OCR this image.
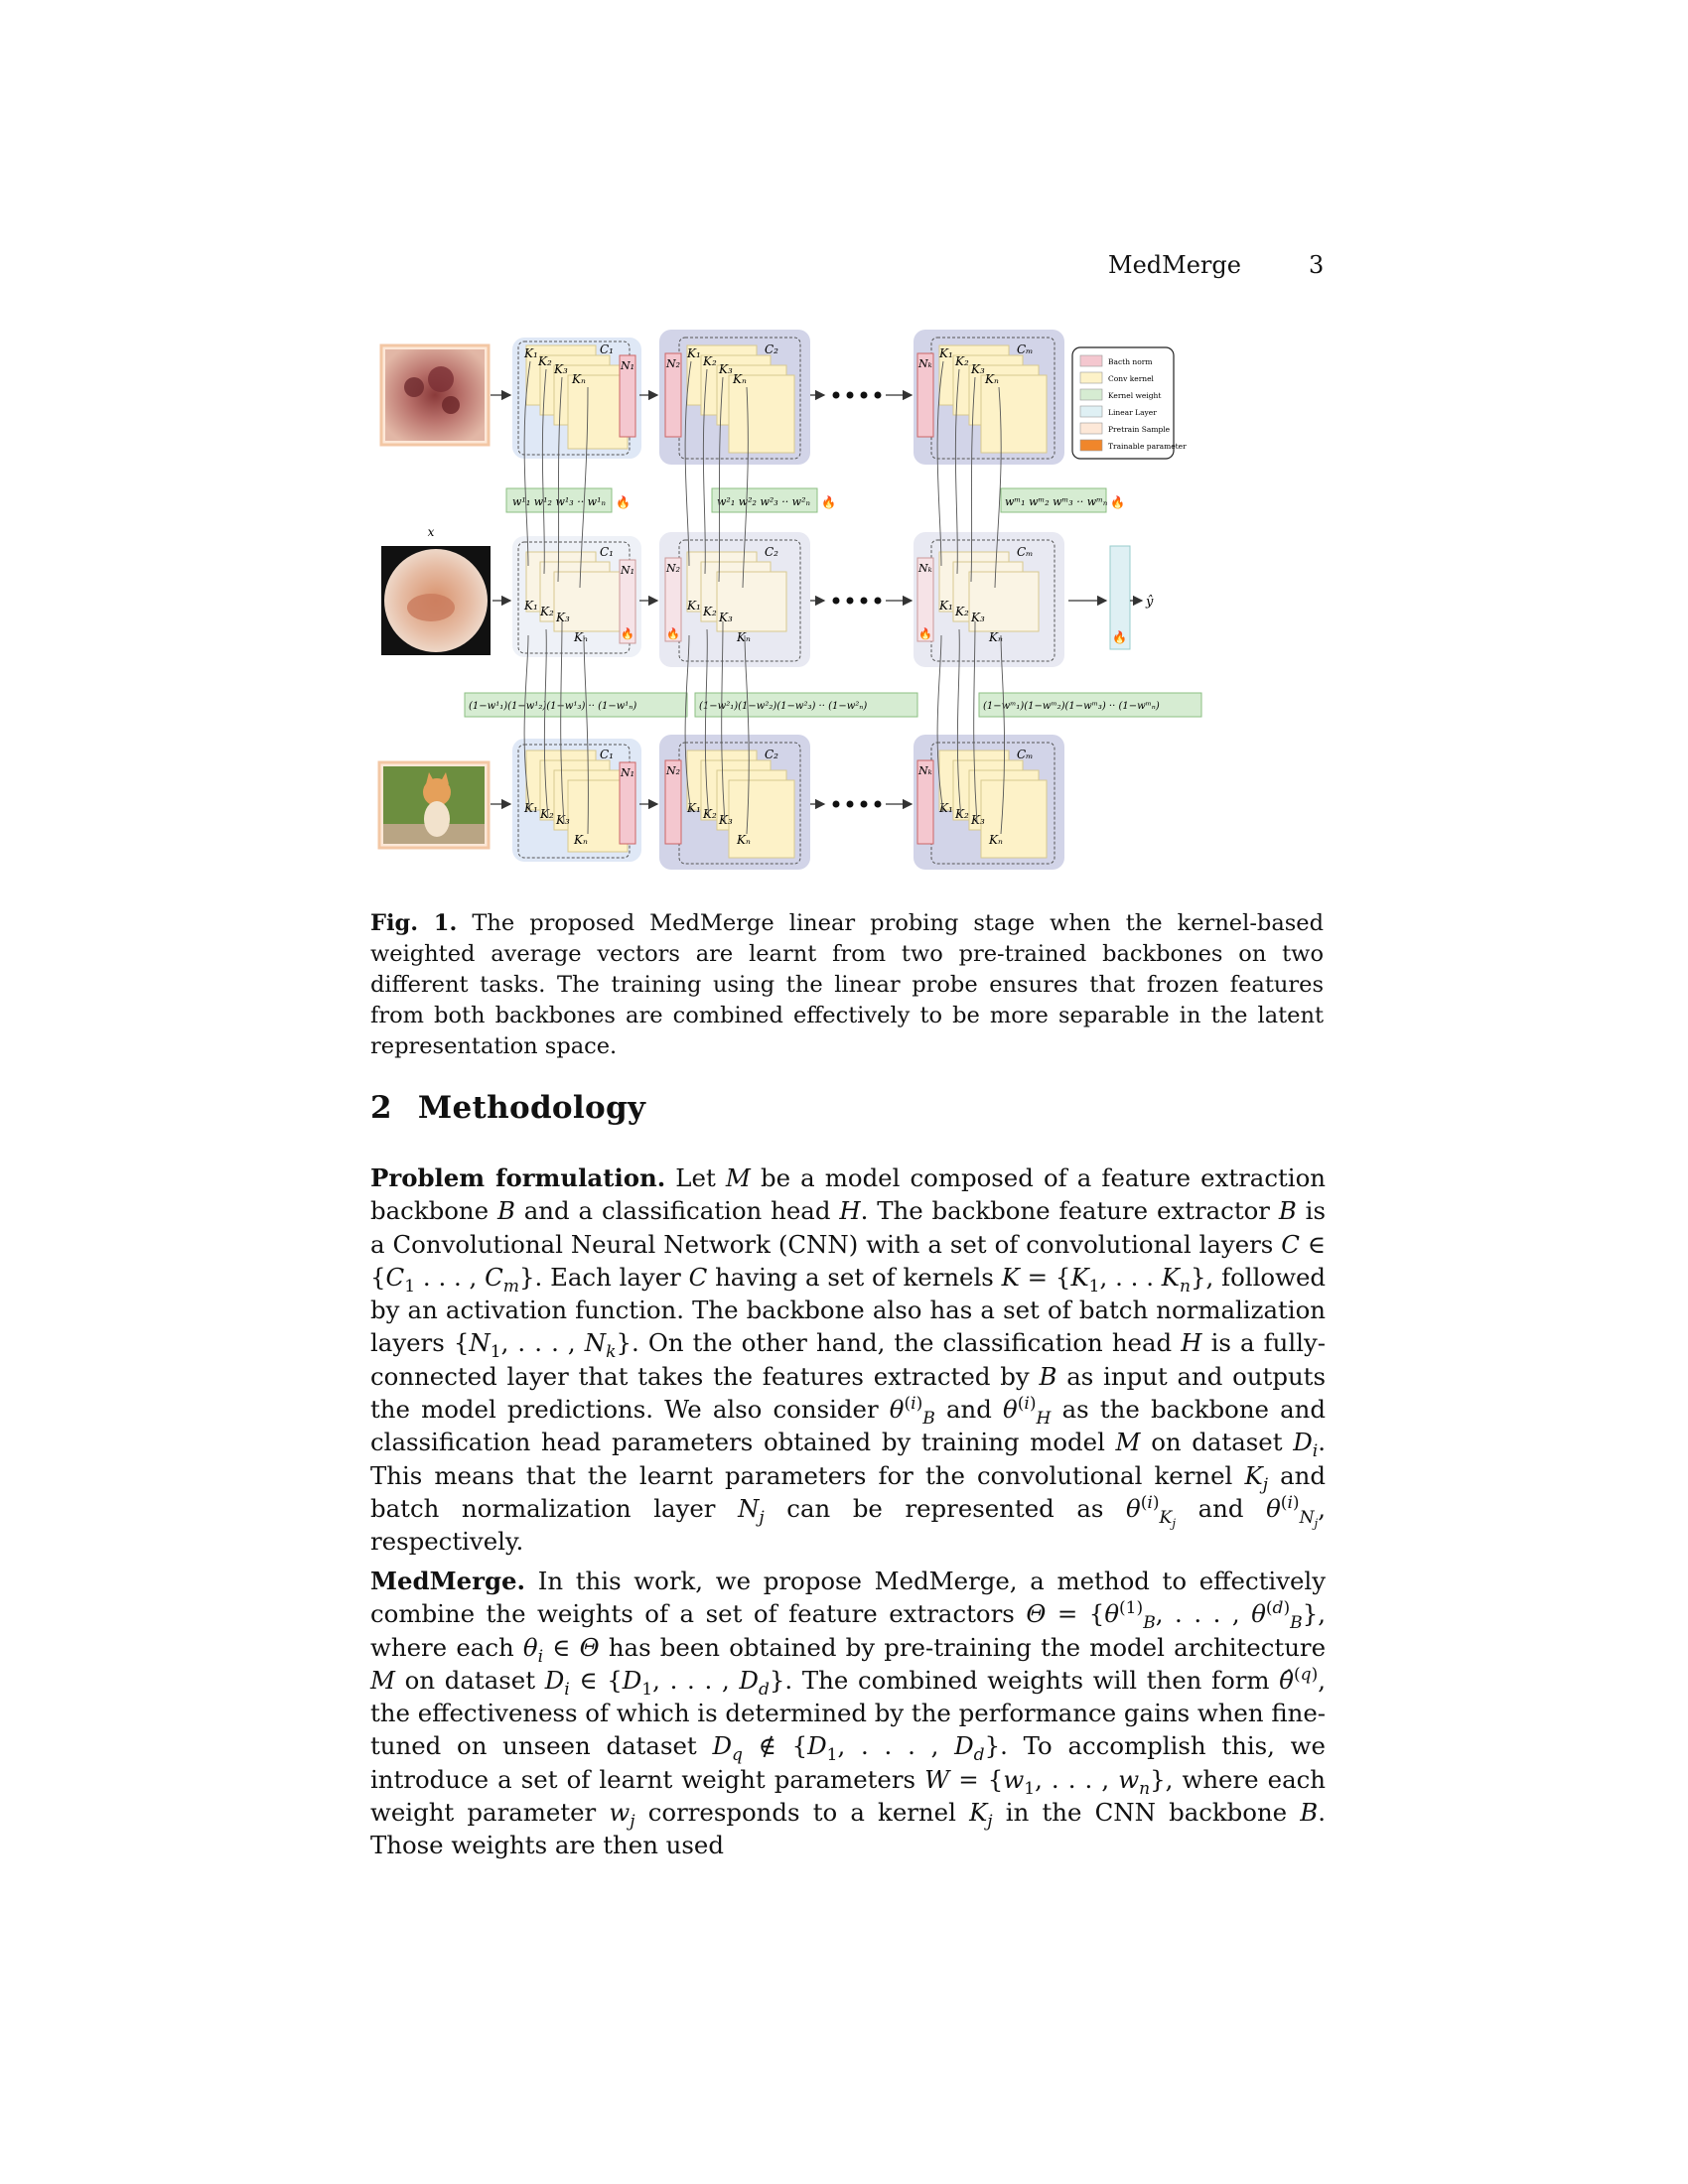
MedMerge	3
x
K₁
K₂
K₃
Kₙ
C₁
N₁	N₂
K₁
K₂
K₃
Kₙ
C₂
Nₖ
K₁
K₂
K₃
Kₙ
Cₘ
Bacth norm
Conv kernel
Kernel weight
Linear Layer
Pretrain Sample
Trainable parameter
w¹₁ w¹₂ w¹₃ ·· w¹ₙ 🔥	w²₁ w²₂ w²₃ ·· w²ₙ 🔥	wᵐ₁ wᵐ₂ wᵐ₃ ·· wᵐₙ 🔥
C₁
K₁ K₂ K₃
Kₙ
N₁
🔥
N₂
🔥
C₂
K₁ K₂ K₃
Kₙ
Nₖ
🔥
Cₘ
K₁ K₂ K₃
Kₙ	🔥
ŷ
(1−w¹₁)(1−w¹₂)(1−w¹₃) ·· (1−w¹ₙ)	(1−w²₁)(1−w²₂)(1−w²₃) ·· (1−w²ₙ)	(1−wᵐ₁)(1−wᵐ₂)(1−wᵐ₃) ·· (1−wᵐₙ)
C₁
K₁ K₂ K₃
Kₙ
N₁	N₂
C₂
K₁ K₂ K₃
Kₙ
Nₖ
Cₘ
K₁ K₂ K₃
Kₙ
Fig. 1. The proposed MedMerge linear probing stage when the kernel-based weighted average vectors are learnt from two pre-trained backbones on two different tasks. The training using the linear probe ensures that frozen features from both backbones are combined effectively to be more separable in the latent representation space.
2 Methodology
Problem formulation. Let M be a model composed of a feature extraction backbone B and a classification head H. The backbone feature extractor B is a Convolutional Neural Network (CNN) with a set of convolutional layers C ∈ {$C_1$ . . . , $C_m$}. Each layer C having a set of kernels $K = \{K_1$, . . . $K_n$}, followed by an activation function. The backbone also has a set of batch normalization layers {$N_1$, . . . , $N_k$}. On the other hand, the classification head H is a fully-connected layer that takes the features extracted by B as input and outputs the model predictions. We also consider $\theta^{(i)}_B$ and $\theta^{(i)}_H$ as the backbone and classification head parameters obtained by training model M on dataset $D_i$. This means that the learnt parameters for the convolutional kernel $K_j$ and batch normalization layer $N_j$ can be represented as $\theta^{(i)}_{K_j}$ and $\theta^{(i)}_{N_j}$, respectively.
MedMerge. In this work, we propose MedMerge, a method to effectively combine the weights of a set of feature extractors $\Theta = \{\theta^{(1)}_B$, . . . , $\theta^{(d)}_B$}, where each $\theta_i$ ∈ Θ has been obtained by pre-training the model architecture M on dataset $D_i$ ∈ {$D_1$, . . . , $D_d$}. The combined weights will then form θ̂$^{(q)}$, the effectiveness of which is determined by the performance gains when fine-tuned on unseen dataset $D_q$ ∉ {$D_1$, . . . , $D_d$}. To accomplish this, we introduce a set of learnt weight parameters $W = \{w_1$, . . . , $w_n$}, where each weight parameter $w_j$ corresponds to a kernel $K_j$ in the CNN backbone B. Those weights are then used
